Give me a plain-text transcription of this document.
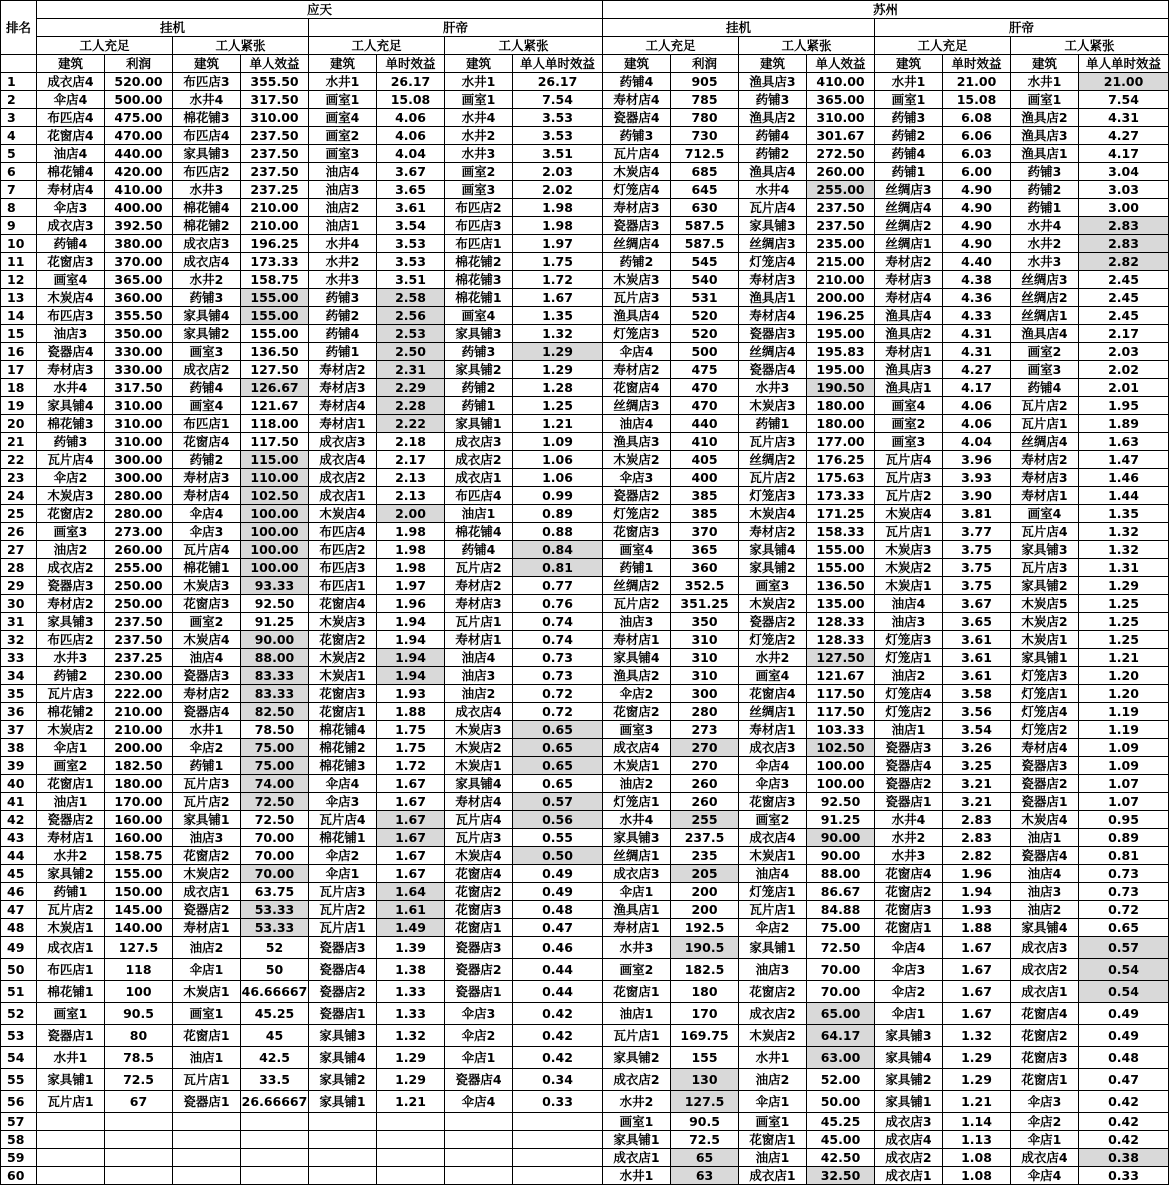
排名	应天								苏州							
	挂机				肝帝				挂机				肝帝			
	工人充足		工人紧张		工人充足		工人紧张		工人充足		工人紧张		工人充足		工人紧张	
	建筑	利润	建筑	单人效益	建筑	单时效益	建筑	单人单时效益	建筑	利润	建筑	单人效益	建筑	单时效益	建筑	单人单时效益
1	成衣店4	520.00	布匹店3	355.50	水井1	26.17	水井1	26.17	药铺4	905	渔具店3	410.00	水井1	21.00	水井1	21.00
2	伞店4	500.00	水井4	317.50	画室1	15.08	画室1	7.54	寿材店4	785	药铺3	365.00	画室1	15.08	画室1	7.54
3	布匹店4	475.00	棉花铺3	310.00	画室4	4.06	水井4	3.53	瓷器店4	780	渔具店2	310.00	药铺3	6.08	渔具店2	4.31
4	花窗店4	470.00	布匹店4	237.50	画室2	4.06	水井2	3.53	药铺3	730	药铺4	301.67	药铺2	6.06	渔具店3	4.27
5	油店4	440.00	家具铺3	237.50	画室3	4.04	水井3	3.51	瓦片店4	712.5	药铺2	272.50	药铺4	6.03	渔具店1	4.17
6	棉花铺4	420.00	布匹店2	237.50	油店4	3.67	画室2	2.03	木炭店4	685	渔具店4	260.00	药铺1	6.00	药铺3	3.04
7	寿材店4	410.00	水井3	237.25	油店3	3.65	画室3	2.02	灯笼店4	645	水井4	255.00	丝绸店3	4.90	药铺2	3.03
8	伞店3	400.00	棉花铺4	210.00	油店2	3.61	布匹店2	1.98	寿材店3	630	瓦片店4	237.50	丝绸店4	4.90	药铺1	3.00
9	成衣店3	392.50	棉花铺2	210.00	油店1	3.54	布匹店3	1.98	瓷器店3	587.5	家具铺3	237.50	丝绸店2	4.90	水井4	2.83
10	药铺4	380.00	成衣店3	196.25	水井4	3.53	布匹店1	1.97	丝绸店4	587.5	丝绸店3	235.00	丝绸店1	4.90	水井2	2.83
11	花窗店3	370.00	成衣店4	173.33	水井2	3.53	棉花铺2	1.75	药铺2	545	灯笼店4	215.00	寿材店2	4.40	水井3	2.82
12	画室4	365.00	水井2	158.75	水井3	3.51	棉花铺3	1.72	木炭店3	540	寿材店3	210.00	寿材店3	4.38	丝绸店3	2.45
13	木炭店4	360.00	药铺3	155.00	药铺3	2.58	棉花铺1	1.67	瓦片店3	531	渔具店1	200.00	寿材店4	4.36	丝绸店2	2.45
14	布匹店3	355.50	家具铺4	155.00	药铺2	2.56	画室4	1.35	渔具店4	520	寿材店4	196.25	渔具店4	4.33	丝绸店1	2.45
15	油店3	350.00	家具铺2	155.00	药铺4	2.53	家具铺3	1.32	灯笼店3	520	瓷器店3	195.00	渔具店2	4.31	渔具店4	2.17
16	瓷器店4	330.00	画室3	136.50	药铺1	2.50	药铺3	1.29	伞店4	500	丝绸店4	195.83	寿材店1	4.31	画室2	2.03
17	寿材店3	330.00	成衣店2	127.50	寿材店2	2.31	家具铺2	1.29	寿材店2	475	瓷器店4	195.00	渔具店3	4.27	画室3	2.02
18	水井4	317.50	药铺4	126.67	寿材店3	2.29	药铺2	1.28	花窗店4	470	水井3	190.50	渔具店1	4.17	药铺4	2.01
19	家具铺4	310.00	画室4	121.67	寿材店4	2.28	药铺1	1.25	丝绸店3	470	木炭店3	180.00	画室4	4.06	瓦片店2	1.95
20	棉花铺3	310.00	布匹店1	118.00	寿材店1	2.22	家具铺1	1.21	油店4	440	药铺1	180.00	画室2	4.06	瓦片店1	1.89
21	药铺3	310.00	花窗店4	117.50	成衣店3	2.18	成衣店3	1.09	渔具店3	410	瓦片店3	177.00	画室3	4.04	丝绸店4	1.63
22	瓦片店4	300.00	药铺2	115.00	成衣店4	2.17	成衣店2	1.06	木炭店2	405	丝绸店2	176.25	瓦片店4	3.96	寿材店2	1.47
23	伞店2	300.00	寿材店3	110.00	成衣店2	2.13	成衣店1	1.06	伞店3	400	瓦片店2	175.63	瓦片店3	3.93	寿材店3	1.46
24	木炭店3	280.00	寿材店4	102.50	成衣店1	2.13	布匹店4	0.99	瓷器店2	385	灯笼店3	173.33	瓦片店2	3.90	寿材店1	1.44
25	花窗店2	280.00	伞店4	100.00	木炭店4	2.00	油店1	0.89	灯笼店2	385	木炭店4	171.25	木炭店4	3.81	画室4	1.35
26	画室3	273.00	伞店3	100.00	布匹店4	1.98	棉花铺4	0.88	花窗店3	370	寿材店2	158.33	瓦片店1	3.77	瓦片店4	1.32
27	油店2	260.00	瓦片店4	100.00	布匹店2	1.98	药铺4	0.84	画室4	365	家具铺4	155.00	木炭店3	3.75	家具铺3	1.32
28	成衣店2	255.00	棉花铺1	100.00	布匹店3	1.98	瓦片店2	0.81	药铺1	360	家具铺2	155.00	木炭店2	3.75	瓦片店3	1.31
29	瓷器店3	250.00	木炭店3	93.33	布匹店1	1.97	寿材店2	0.77	丝绸店2	352.5	画室3	136.50	木炭店1	3.75	家具铺2	1.29
30	寿材店2	250.00	花窗店3	92.50	花窗店4	1.96	寿材店3	0.76	瓦片店2	351.25	木炭店2	135.00	油店4	3.67	木炭店5	1.25
31	家具铺3	237.50	画室2	91.25	木炭店3	1.94	瓦片店1	0.74	油店3	350	瓷器店2	128.33	油店3	3.65	木炭店2	1.25
32	布匹店2	237.50	木炭店4	90.00	花窗店2	1.94	寿材店1	0.74	寿材店1	310	灯笼店2	128.33	灯笼店3	3.61	木炭店1	1.25
33	水井3	237.25	油店4	88.00	木炭店2	1.94	油店4	0.73	家具铺4	310	水井2	127.50	灯笼店1	3.61	家具铺1	1.21
34	药铺2	230.00	瓷器店3	83.33	木炭店1	1.94	油店3	0.73	渔具店2	310	画室4	121.67	油店2	3.61	灯笼店3	1.20
35	瓦片店3	222.00	寿材店2	83.33	花窗店3	1.93	油店2	0.72	伞店2	300	花窗店4	117.50	灯笼店4	3.58	灯笼店1	1.20
36	棉花铺2	210.00	瓷器店4	82.50	花窗店1	1.88	成衣店4	0.72	花窗店2	280	丝绸店1	117.50	灯笼店2	3.56	灯笼店4	1.19
37	木炭店2	210.00	水井1	78.50	棉花铺4	1.75	木炭店3	0.65	画室3	273	寿材店1	103.33	油店1	3.54	灯笼店2	1.19
38	伞店1	200.00	伞店2	75.00	棉花铺2	1.75	木炭店2	0.65	成衣店4	270	成衣店3	102.50	瓷器店3	3.26	寿材店4	1.09
39	画室2	182.50	药铺1	75.00	棉花铺3	1.72	木炭店1	0.65	木炭店1	270	伞店4	100.00	瓷器店4	3.25	瓷器店3	1.09
40	花窗店1	180.00	瓦片店3	74.00	伞店4	1.67	家具铺4	0.65	油店2	260	伞店3	100.00	瓷器店2	3.21	瓷器店2	1.07
41	油店1	170.00	瓦片店2	72.50	伞店3	1.67	寿材店4	0.57	灯笼店1	260	花窗店3	92.50	瓷器店1	3.21	瓷器店1	1.07
42	瓷器店2	160.00	家具铺1	72.50	瓦片店4	1.67	瓦片店4	0.56	水井4	255	画室2	91.25	水井4	2.83	木炭店4	0.95
43	寿材店1	160.00	油店3	70.00	棉花铺1	1.67	瓦片店3	0.55	家具铺3	237.5	成衣店4	90.00	水井2	2.83	油店1	0.89
44	水井2	158.75	花窗店2	70.00	伞店2	1.67	木炭店4	0.50	丝绸店1	235	木炭店1	90.00	水井3	2.82	瓷器店4	0.81
45	家具铺2	155.00	木炭店2	70.00	伞店1	1.67	花窗店4	0.49	成衣店3	205	油店4	88.00	花窗店4	1.96	油店4	0.73
46	药铺1	150.00	成衣店1	63.75	瓦片店3	1.64	花窗店2	0.49	伞店1	200	灯笼店1	86.67	花窗店2	1.94	油店3	0.73
47	瓦片店2	145.00	瓷器店2	53.33	瓦片店2	1.61	花窗店3	0.48	渔具店1	200	瓦片店1	84.88	花窗店3	1.93	油店2	0.72
48	木炭店1	140.00	寿材店1	53.33	瓦片店1	1.49	花窗店1	0.47	寿材店1	192.5	伞店2	75.00	花窗店1	1.88	家具铺4	0.65
49	成衣店1	127.5	油店2	52	瓷器店3	1.39	瓷器店3	0.46	水井3	190.5	家具铺1	72.50	伞店4	1.67	成衣店3	0.57
50	布匹店1	118	伞店1	50	瓷器店4	1.38	瓷器店2	0.44	画室2	182.5	油店3	70.00	伞店3	1.67	成衣店2	0.54
51	棉花铺1	100	木炭店1	46.66667	瓷器店2	1.33	瓷器店1	0.44	花窗店1	180	花窗店2	70.00	伞店2	1.67	成衣店1	0.54
52	画室1	90.5	画室1	45.25	瓷器店1	1.33	伞店3	0.42	油店1	170	成衣店2	65.00	伞店1	1.67	花窗店4	0.49
53	瓷器店1	80	花窗店1	45	家具铺3	1.32	伞店2	0.42	瓦片店1	169.75	木炭店2	64.17	家具铺3	1.32	花窗店2	0.49
54	水井1	78.5	油店1	42.5	家具铺4	1.29	伞店1	0.42	家具铺2	155	水井1	63.00	家具铺4	1.29	花窗店3	0.48
55	家具铺1	72.5	瓦片店1	33.5	家具铺2	1.29	瓷器店4	0.34	成衣店2	130	油店2	52.00	家具铺2	1.29	花窗店1	0.47
56	瓦片店1	67	瓷器店1	26.66667	家具铺1	1.21	伞店4	0.33	水井2	127.5	伞店1	50.00	家具铺1	1.21	伞店3	0.42
57									画室1	90.5	画室1	45.25	成衣店3	1.14	伞店2	0.42
58									家具铺1	72.5	花窗店1	45.00	成衣店4	1.13	伞店1	0.42
59									成衣店1	65	油店1	42.50	成衣店2	1.08	成衣店4	0.38
60									水井1	63	成衣店1	32.50	成衣店1	1.08	伞店4	0.33
